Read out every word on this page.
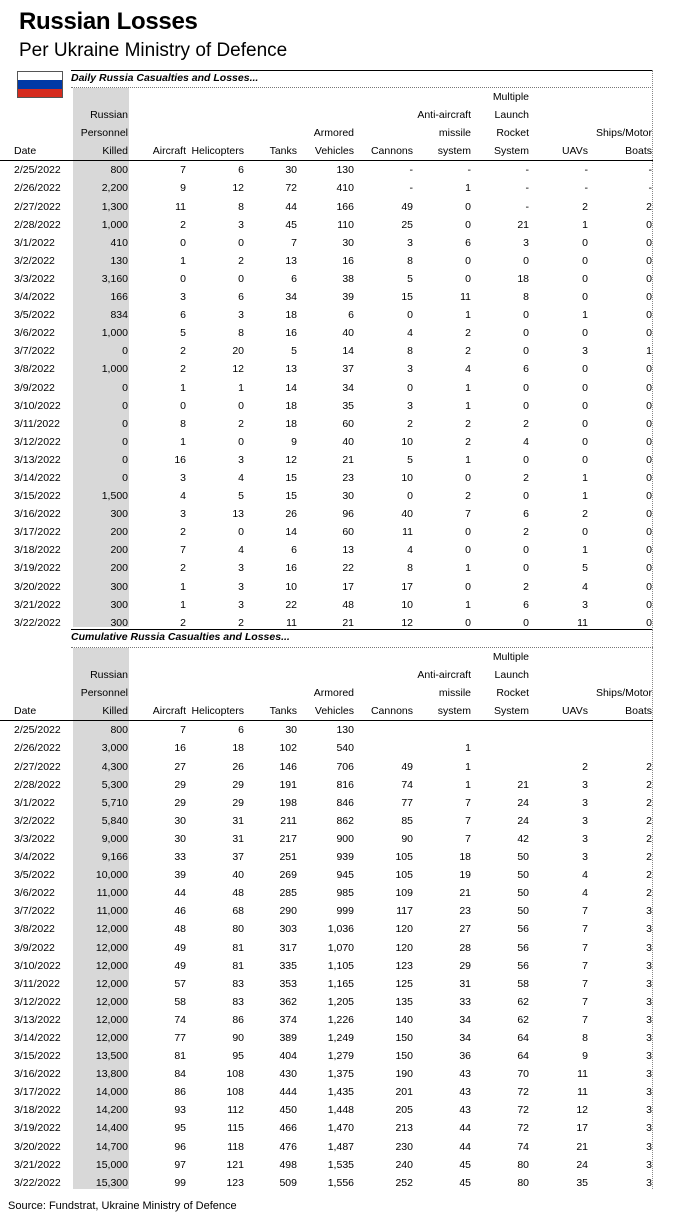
Russian Losses
Per Ukraine Ministry of Defence
Daily Russia Casualties and Losses...
								Multiple		
	Russian						Anti-aircraft	Launch		
	Personnel				Armored		missile	Rocket		Ships/Motor
Date	Killed	Aircraft	Helicopters	Tanks	Vehicles	Cannons	system	System	UAVs	Boats
2/25/2022	800	7	6	30	130	-	-	-	-	-
2/26/2022	2,200	9	12	72	410	-	1	-	-	-
2/27/2022	1,300	11	8	44	166	49	0	-	2	2
2/28/2022	1,000	2	3	45	110	25	0	21	1	0
3/1/2022	410	0	0	7	30	3	6	3	0	0
3/2/2022	130	1	2	13	16	8	0	0	0	0
3/3/2022	3,160	0	0	6	38	5	0	18	0	0
3/4/2022	166	3	6	34	39	15	11	8	0	0
3/5/2022	834	6	3	18	6	0	1	0	1	0
3/6/2022	1,000	5	8	16	40	4	2	0	0	0
3/7/2022	0	2	20	5	14	8	2	0	3	1
3/8/2022	1,000	2	12	13	37	3	4	6	0	0
3/9/2022	0	1	1	14	34	0	1	0	0	0
3/10/2022	0	0	0	18	35	3	1	0	0	0
3/11/2022	0	8	2	18	60	2	2	2	0	0
3/12/2022	0	1	0	9	40	10	2	4	0	0
3/13/2022	0	16	3	12	21	5	1	0	0	0
3/14/2022	0	3	4	15	23	10	0	2	1	0
3/15/2022	1,500	4	5	15	30	0	2	0	1	0
3/16/2022	300	3	13	26	96	40	7	6	2	0
3/17/2022	200	2	0	14	60	11	0	2	0	0
3/18/2022	200	7	4	6	13	4	0	0	1	0
3/19/2022	200	2	3	16	22	8	1	0	5	0
3/20/2022	300	1	3	10	17	17	0	2	4	0
3/21/2022	300	1	3	22	48	10	1	6	3	0
3/22/2022	300	2	2	11	21	12	0	0	11	0
Cumulative Russia Casualties and Losses...
								Multiple		
	Russian						Anti-aircraft	Launch		
	Personnel				Armored		missile	Rocket		Ships/Motor
Date	Killed	Aircraft	Helicopters	Tanks	Vehicles	Cannons	system	System	UAVs	Boats
2/25/2022	800	7	6	30	130					
2/26/2022	3,000	16	18	102	540		1			
2/27/2022	4,300	27	26	146	706	49	1		2	2
2/28/2022	5,300	29	29	191	816	74	1	21	3	2
3/1/2022	5,710	29	29	198	846	77	7	24	3	2
3/2/2022	5,840	30	31	211	862	85	7	24	3	2
3/3/2022	9,000	30	31	217	900	90	7	42	3	2
3/4/2022	9,166	33	37	251	939	105	18	50	3	2
3/5/2022	10,000	39	40	269	945	105	19	50	4	2
3/6/2022	11,000	44	48	285	985	109	21	50	4	2
3/7/2022	11,000	46	68	290	999	117	23	50	7	3
3/8/2022	12,000	48	80	303	1,036	120	27	56	7	3
3/9/2022	12,000	49	81	317	1,070	120	28	56	7	3
3/10/2022	12,000	49	81	335	1,105	123	29	56	7	3
3/11/2022	12,000	57	83	353	1,165	125	31	58	7	3
3/12/2022	12,000	58	83	362	1,205	135	33	62	7	3
3/13/2022	12,000	74	86	374	1,226	140	34	62	7	3
3/14/2022	12,000	77	90	389	1,249	150	34	64	8	3
3/15/2022	13,500	81	95	404	1,279	150	36	64	9	3
3/16/2022	13,800	84	108	430	1,375	190	43	70	11	3
3/17/2022	14,000	86	108	444	1,435	201	43	72	11	3
3/18/2022	14,200	93	112	450	1,448	205	43	72	12	3
3/19/2022	14,400	95	115	466	1,470	213	44	72	17	3
3/20/2022	14,700	96	118	476	1,487	230	44	74	21	3
3/21/2022	15,000	97	121	498	1,535	240	45	80	24	3
3/22/2022	15,300	99	123	509	1,556	252	45	80	35	3
Source: Fundstrat, Ukraine Ministry of Defence
